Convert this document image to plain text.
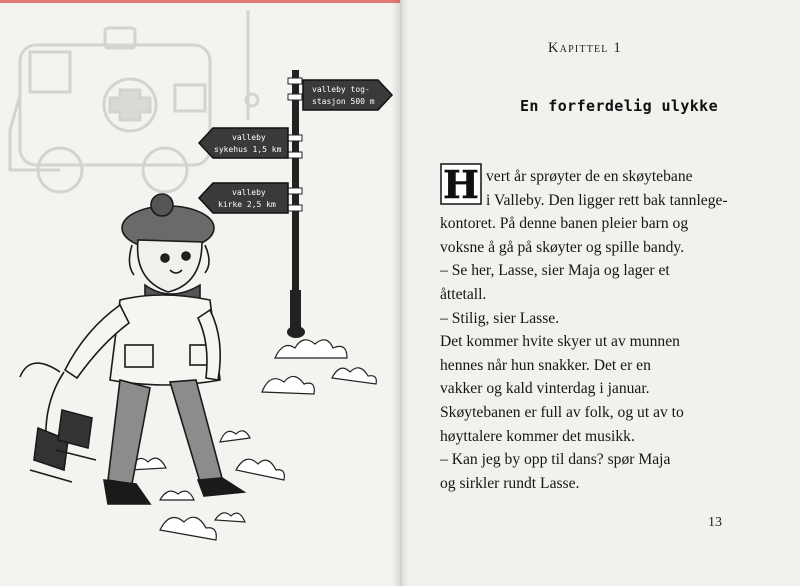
valleby tog-
stasjon 500 m
valleby
sykehus 1,5 km
valleby
kirke 2,5 km
Kapittel 1
En forferdelig ulykke
H vert år sprøyter de en skøytebane

i Valleby. Den ligger rett bak tannlege-

kontoret. På denne banen pleier barn og

voksne å gå på skøyter og spille bandy.

– Se her, Lasse, sier Maja og lager et

åttetall.

– Stilig, sier Lasse.

Det kommer hvite skyer ut av munnen

hennes når hun snakker. Det er en

vakker og kald vinterdag i januar.

Skøytebanen er full av folk, og ut av to

høyttalere kommer det musikk.

– Kan jeg by opp til dans? spør Maja

og sirkler rundt Lasse.

13
